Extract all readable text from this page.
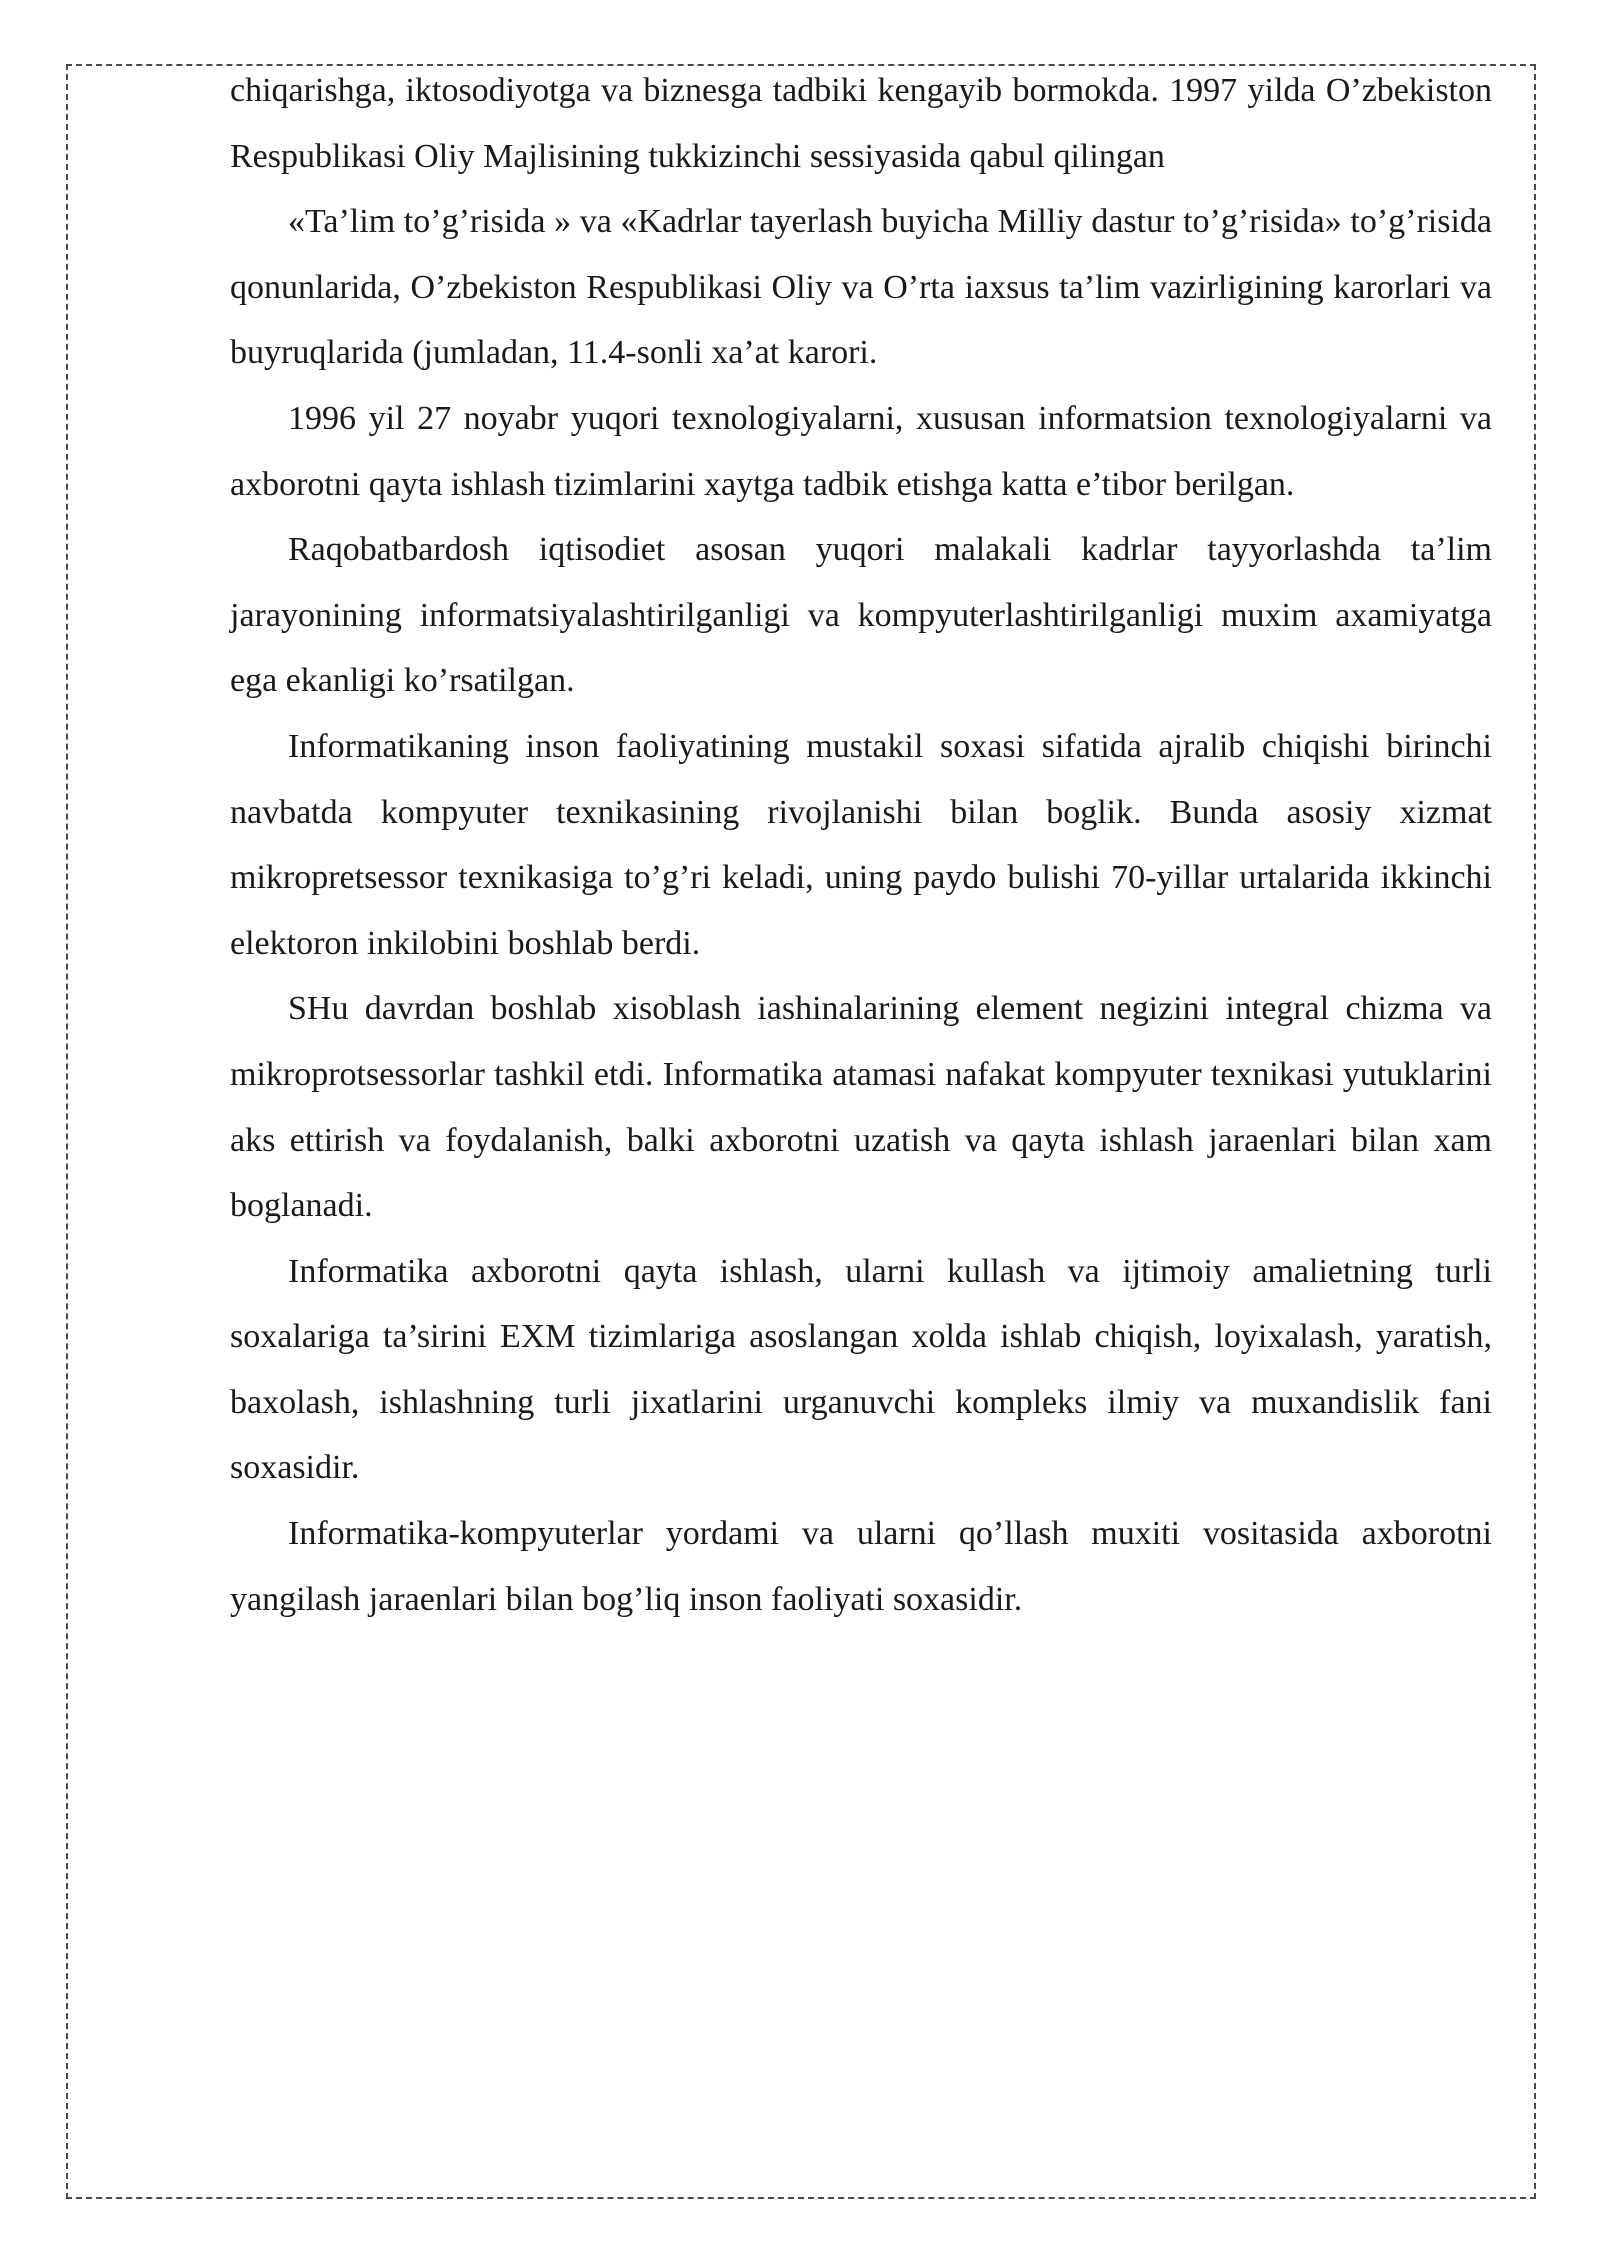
chiqarishga, iktosodiyotga va biznesga tadbiki kengayib bormokda. 1997 yilda O’zbekiston Respublikasi Oliy Majlisining tukkizinchi sessiyasida qabul qilingan

«Ta’lim to’g’risida » va «Kadrlar tayerlash buyicha Milliy dastur to’g’risida» to’g’risida qonunlarida, O’zbekiston Respublikasi Oliy va O’rta iaxsus ta’lim vazirligining karorlari va buyruqlarida (jumladan, 11.4-sonli xa’at karori.

1996 yil 27 noyabr yuqori texnologiyalarni, xususan informatsion texnologiyalarni va axborotni qayta ishlash tizimlarini xaytga tadbik etishga katta e’tibor berilgan.

Raqobatbardosh iqtisodiet asosan yuqori malakali kadrlar tayyorlashda ta’lim jarayonining informatsiyalashtirilganligi va kompyuterlashtirilganligi muxim axamiyatga ega ekanligi ko’rsatilgan.

Informatikaning inson faoliyatining mustakil soxasi sifatida ajralib chiqishi birinchi navbatda kompyuter texnikasining rivojlanishi bilan boglik. Bunda asosiy xizmat mikropretsessor texnikasiga to’g’ri keladi, uning paydo bulishi 70-yillar urtalarida ikkinchi elektoron inkilobini boshlab berdi.

SHu davrdan boshlab xisoblash iashinalarining element negizini integral chizma va mikroprotsessorlar tashkil etdi. Informatika atamasi nafakat kompyuter texnikasi yutuklarini aks ettirish va foydalanish, balki axborotni uzatish va qayta ishlash jaraenlari bilan xam boglanadi.

Informatika axborotni qayta ishlash, ularni kullash va ijtimoiy amalietning turli soxalariga ta’sirini EXM tizimlariga asoslangan xolda ishlab chiqish, loyixalash, yaratish, baxolash, ishlashning turli jixatlarini urganuvchi kompleks ilmiy va muxandislik fani soxasidir.

Informatika-kompyuterlar yordami va ularni qo’llash muxiti vositasida axborotni yangilash jaraenlari bilan bog’liq inson faoliyati soxasidir.
